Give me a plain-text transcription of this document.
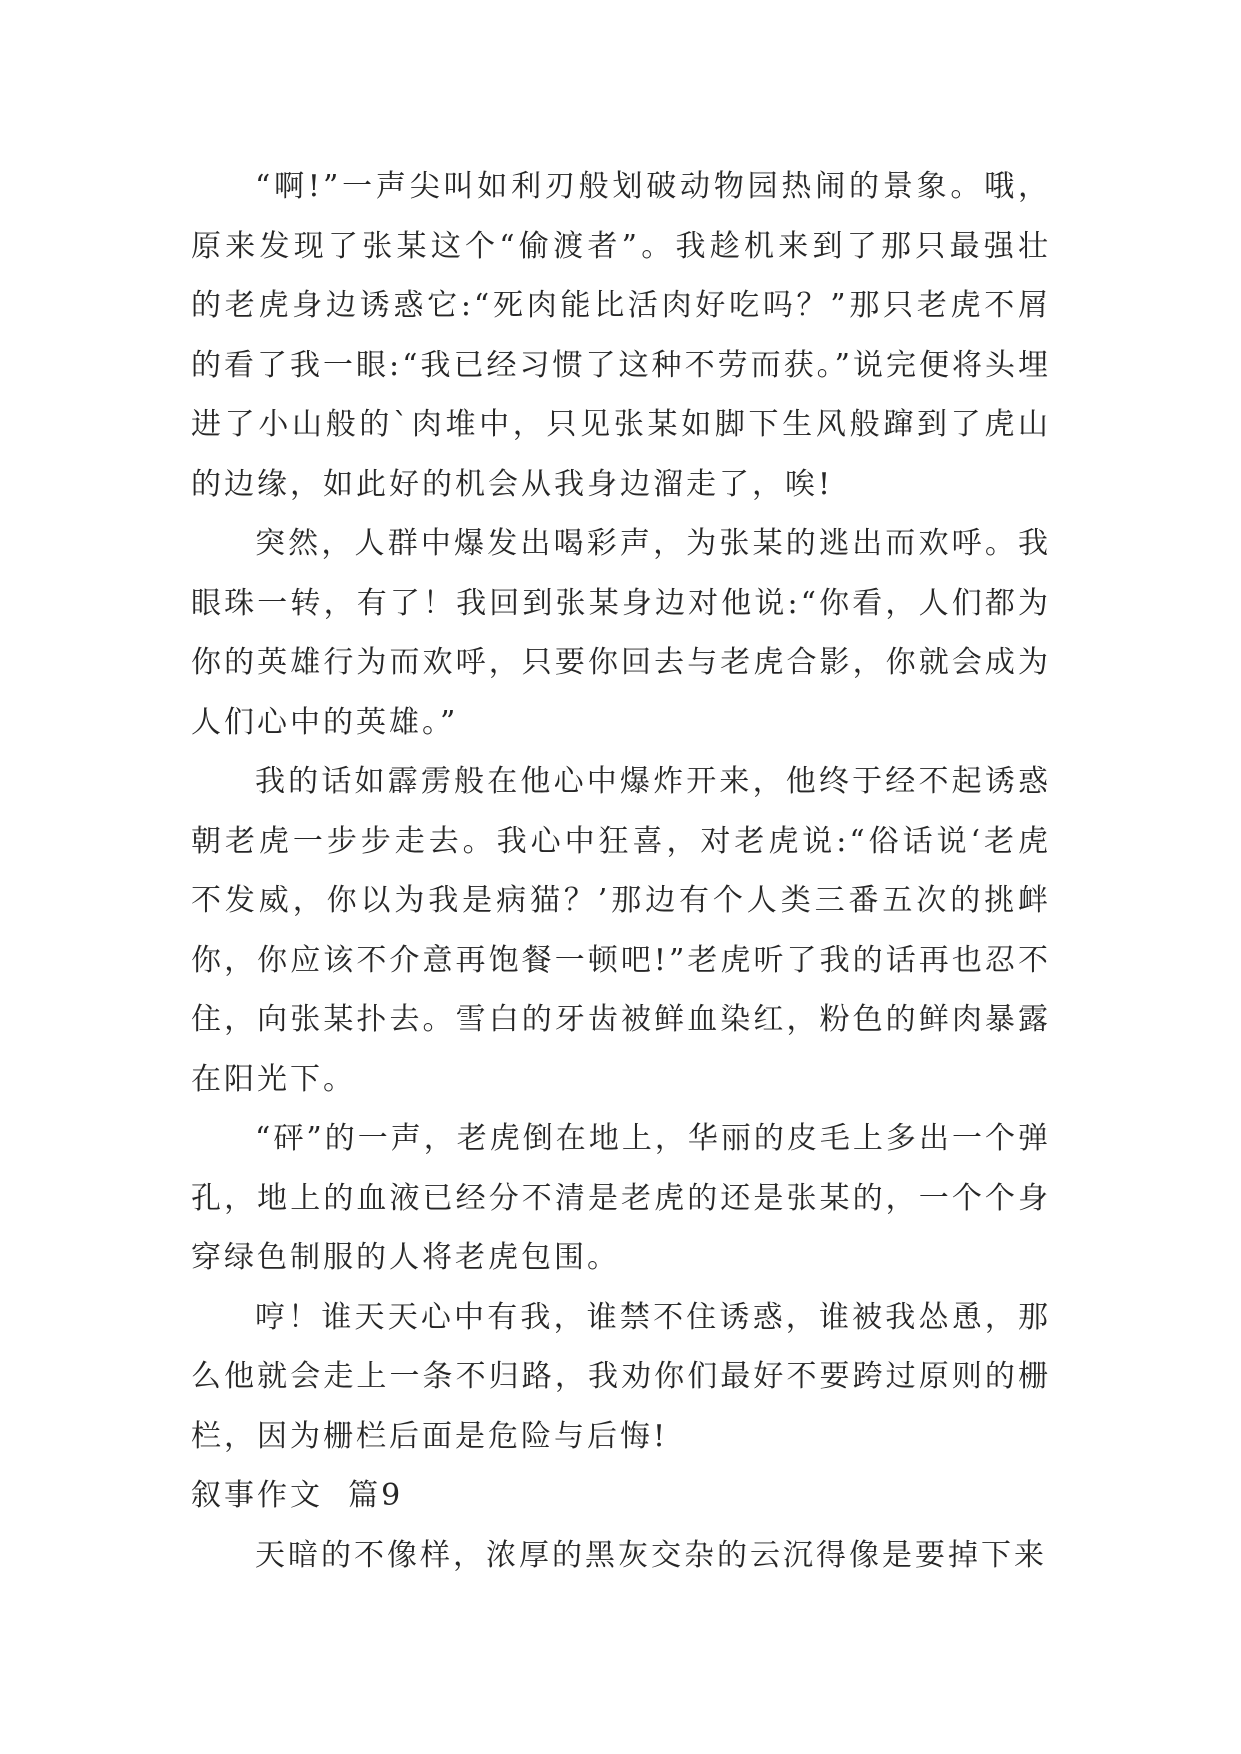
“啊!”一声尖叫如利刃般划破动物园热闹的景象。哦，原来发现了张某这个“偷渡者”。我趁机来到了那只最强壮的老虎身边诱惑它:“死肉能比活肉好吃吗？”那只老虎不屑的看了我一眼:“我已经习惯了这种不劳而获。”说完便将头埋进了小山般的`肉堆中，只见张某如脚下生风般蹿到了虎山的边缘，如此好的机会从我身边溜走了，唉!

突然，人群中爆发出喝彩声，为张某的逃出而欢呼。我眼珠一转，有了！我回到张某身边对他说:“你看，人们都为你的英雄行为而欢呼，只要你回去与老虎合影，你就会成为人们心中的英雄。”

我的话如霹雳般在他心中爆炸开来，他终于经不起诱惑朝老虎一步步走去。我心中狂喜，对老虎说:“俗话说‘老虎不发威，你以为我是病猫？’那边有个人类三番五次的挑衅你，你应该不介意再饱餐一顿吧!”老虎听了我的话再也忍不住，向张某扑去。雪白的牙齿被鲜血染红，粉色的鲜肉暴露在阳光下。

“砰”的一声，老虎倒在地上，华丽的皮毛上多出一个弹孔，地上的血液已经分不清是老虎的还是张某的，一个个身穿绿色制服的人将老虎包围。

哼！谁天天心中有我，谁禁不住诱惑，谁被我怂恿，那么他就会走上一条不归路，我劝你们最好不要跨过原则的栅栏，因为栅栏后面是危险与后悔!

叙事作文  篇9

天暗的不像样，浓厚的黑灰交杂的云沉得像是要掉下来
